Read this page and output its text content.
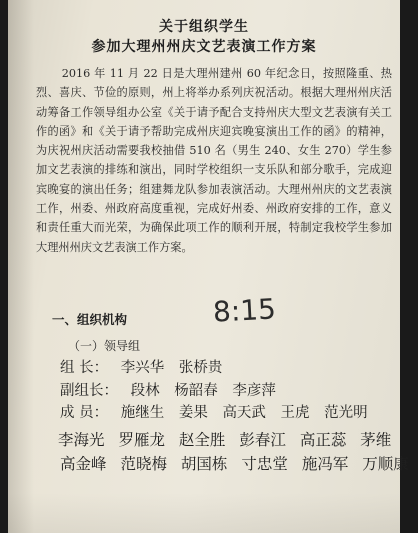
关于组织学生
参加大理州州庆文艺表演工作方案

2016 年 11 月 22 日是大理州建州 60 年纪念日，按照隆重、热烈、喜庆、节俭的原则，州上将举办系列庆祝活动。根据大理州州庆活动筹备工作领导组办公室《关于请予配合支持州庆大型文艺表演有关工作的函》和《关于请予帮助完成州庆迎宾晚宴演出工作的函》的精神，为庆祝州庆活动需要我校抽借 510 名（男生 240、女生 270）学生参加文艺表演的排练和演出，同时学校组织一支乐队和部分歌手，完成迎宾晚宴的演出任务；组建舞龙队参加表演活动。大理州州庆的文艺表演工作，州委、州政府高度重视，完成好州委、州政府安排的工作，意义和责任重大而光荣，为确保此项工作的顺利开展，特制定我校学生参加大理州州庆文艺表演工作方案。

一、组织机构	8:15
（一）领导组
组 长： 李兴华 张桥贵
副组长： 段林 杨韶春 李彦萍
成 员： 施继生 姜果 高天武 王虎 范光明
李海光 罗雁龙 赵全胜 彭春江 高正蕊 茅维
高金峰 范晓梅 胡国栋 寸忠堂 施冯军 万顺康
